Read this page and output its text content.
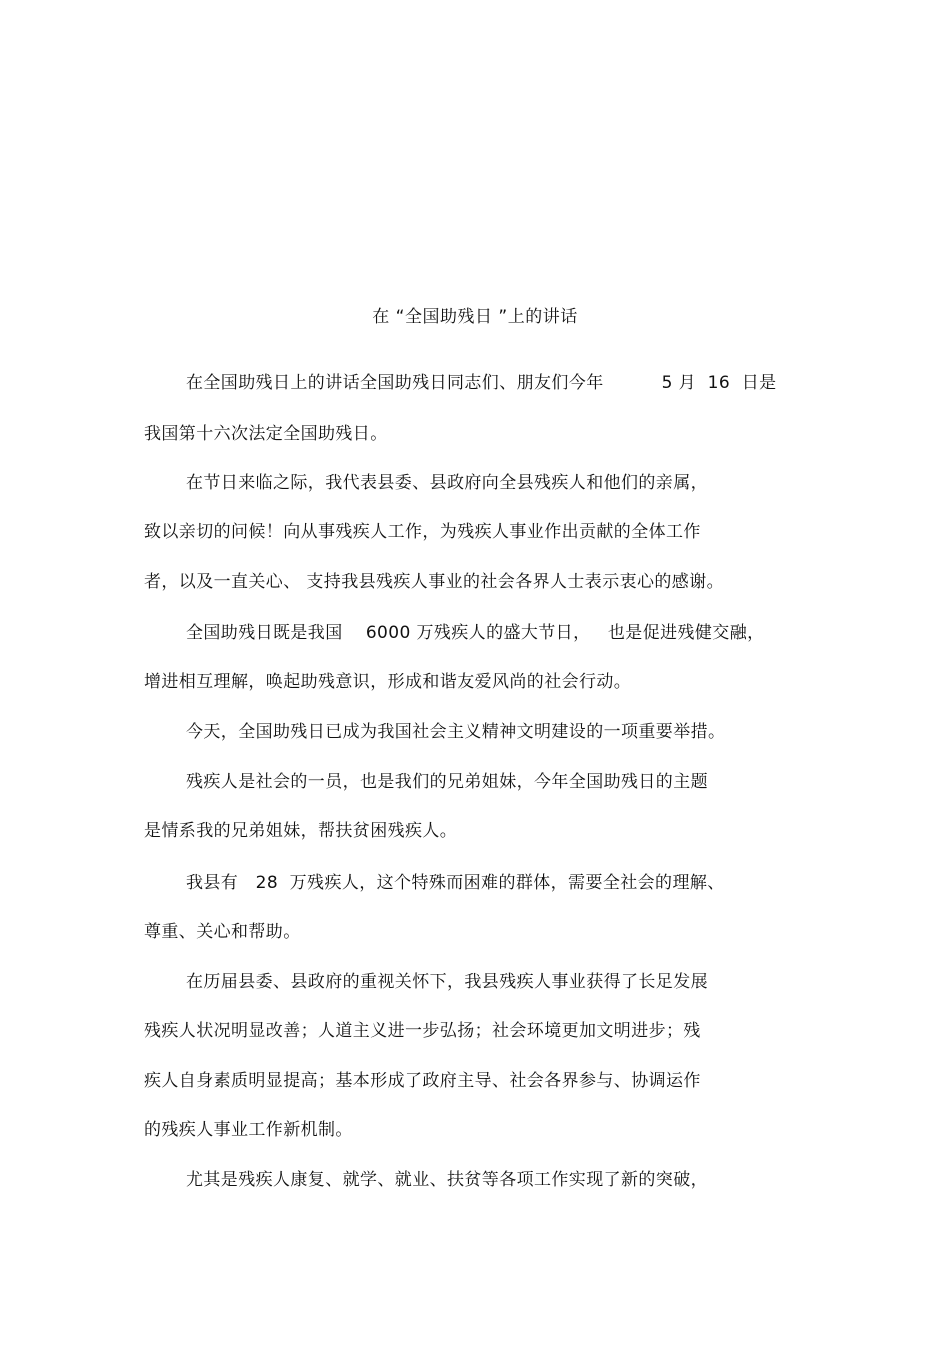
在 “全国助残日 ”上的讲话
在全国助残日上的讲话全国助残日同志们、朋友们今年          5 月  16  日是
我国第十六次法定全国助残日。
在节日来临之际，我代表县委、县政府向全县残疾人和他们的亲属，
致以亲切的问候！向从事残疾人工作，为残疾人事业作出贡献的全体工作
者，以及一直关心、 支持我县残疾人事业的社会各界人士表示衷心的感谢。
全国助残日既是我国    6000 万残疾人的盛大节日，   也是促进残健交融，
增进相互理解，唤起助残意识，形成和谐友爱风尚的社会行动。
今天，全国助残日已成为我国社会主义精神文明建设的一项重要举措。
残疾人是社会的一员，也是我们的兄弟姐妹，今年全国助残日的主题
是情系我的兄弟姐妹，帮扶贫困残疾人。
我县有   28  万残疾人，这个特殊而困难的群体，需要全社会的理解、
尊重、关心和帮助。
在历届县委、县政府的重视关怀下，我县残疾人事业获得了长足发展
残疾人状况明显改善；人道主义进一步弘扬；社会环境更加文明进步；残
疾人自身素质明显提高；基本形成了政府主导、社会各界参与、协调运作
的残疾人事业工作新机制。
尤其是残疾人康复、就学、就业、扶贫等各项工作实现了新的突破，
